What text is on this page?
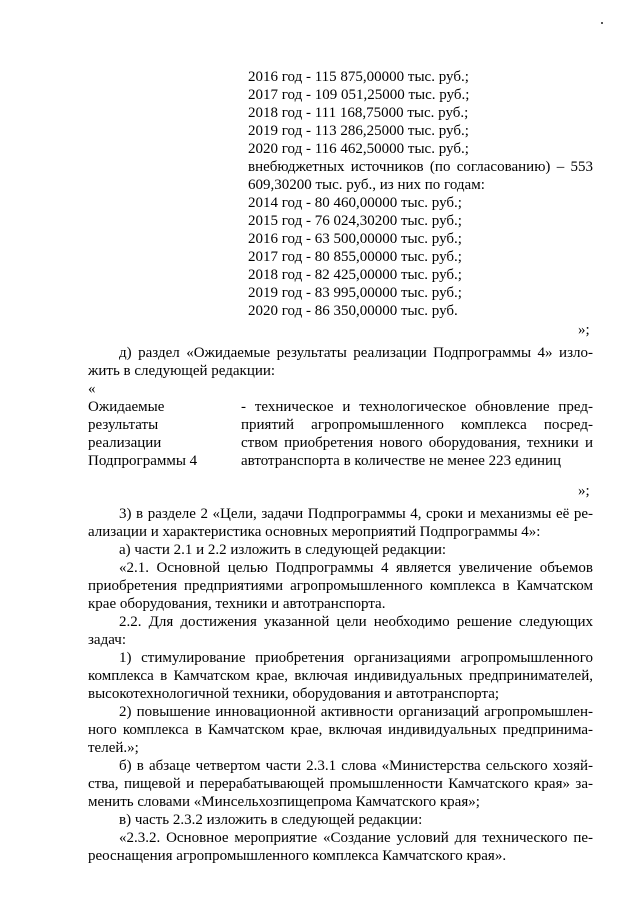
2016 год - 115 875,00000 тыс. руб.;
2017 год - 109 051,25000 тыс. руб.;
2018 год - 111 168,75000 тыс. руб.;
2019 год - 113 286,25000 тыс. руб.;
2020 год - 116 462,50000 тыс. руб.;
внебюджетных источников (по согласованию) – 553
609,30200 тыс. руб., из них по годам:
2014 год - 80 460,00000 тыс. руб.;
2015 год - 76 024,30200 тыс. руб.;
2016 год - 63 500,00000 тыс. руб.;
2017 год - 80 855,00000 тыс. руб.;
2018 год - 82 425,00000 тыс. руб.;
2019 год - 83 995,00000 тыс. руб.;
2020 год - 86 350,00000 тыс. руб.
»;
д) раздел «Ожидаемые результаты реализации Подпрограммы 4» изло-
жить в следующей редакции:
«
Ожидаемые
результаты
реализации
Подпрограммы 4
- техническое и технологическое обновление пред-
приятий агропромышленного комплекса посред-
ством приобретения нового оборудования, техники и
автотранспорта в количестве не менее 223 единиц
»;
3) в разделе 2 «Цели, задачи Подпрограммы 4, сроки и механизмы её ре-
ализации и характеристика основных мероприятий Подпрограммы 4»:
а) части 2.1 и 2.2 изложить в следующей редакции:
«2.1. Основной целью Подпрограммы 4 является увеличение объемов
приобретения предприятиями агропромышленного комплекса в Камчатском
крае оборудования, техники и автотранспорта.
2.2. Для достижения указанной цели необходимо решение следующих
задач:
1) стимулирование приобретения организациями агропромышленного
комплекса в Камчатском крае, включая индивидуальных предпринимателей,
высокотехнологичной техники, оборудования и автотранспорта;
2) повышение инновационной активности организаций агропромышлен-
ного комплекса в Камчатском крае, включая индивидуальных предпринима-
телей.»;
б) в абзаце четвертом части 2.3.1 слова «Министерства сельского хозяй-
ства, пищевой и перерабатывающей промышленности Камчатского края» за-
менить словами «Минсельхозпищепрома Камчатского края»;
в) часть 2.3.2 изложить в следующей редакции:
«2.3.2. Основное мероприятие «Создание условий для технического пе-
реоснащения агропромышленного комплекса Камчатского края».
